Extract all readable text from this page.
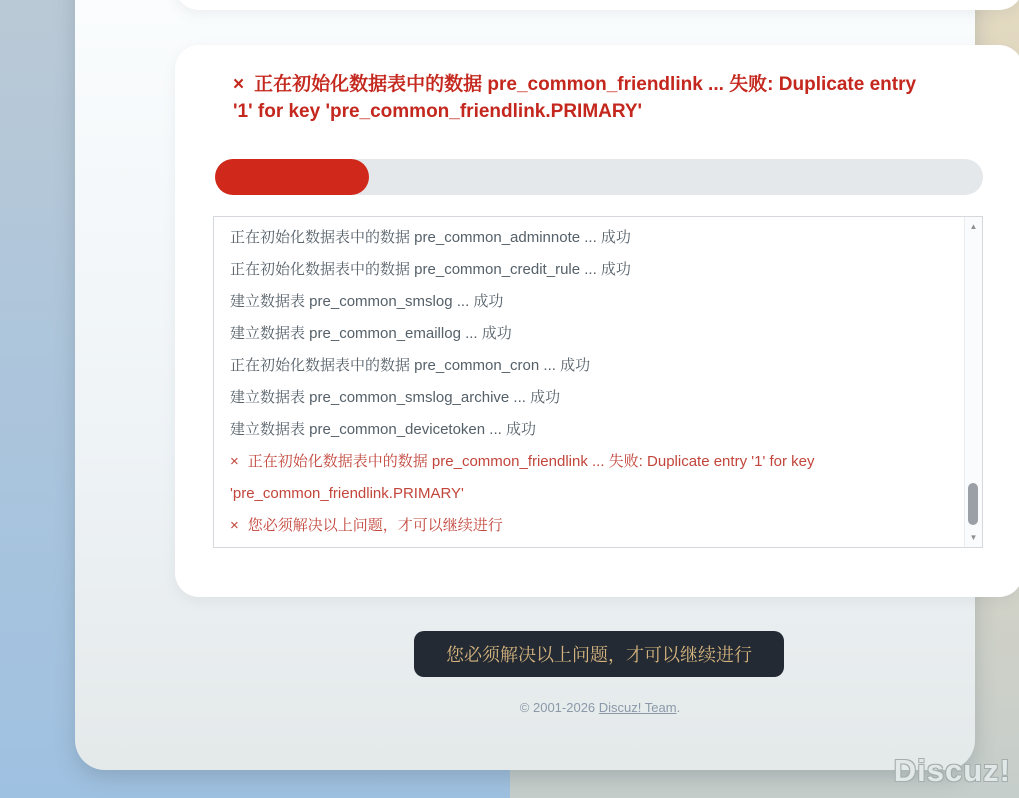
× 正在初始化数据表中的数据 pre_common_friendlink ... 失败: Duplicate entry '1' for key 'pre_common_friendlink.PRIMARY'
正在初始化数据表中的数据 pre_common_adminnote ... 成功
正在初始化数据表中的数据 pre_common_credit_rule ... 成功
建立数据表 pre_common_smslog ... 成功
建立数据表 pre_common_emaillog ... 成功
正在初始化数据表中的数据 pre_common_cron ... 成功
建立数据表 pre_common_smslog_archive ... 成功
建立数据表 pre_common_devicetoken ... 成功
× 正在初始化数据表中的数据 pre_common_friendlink ... 失败: Duplicate entry '1' for key 'pre_common_friendlink.PRIMARY'
× 您必须解决以上问题，才可以继续进行
▲
▼
您必须解决以上问题，才可以继续进行
© 2001-2026 Discuz! Team.
Discuz!
